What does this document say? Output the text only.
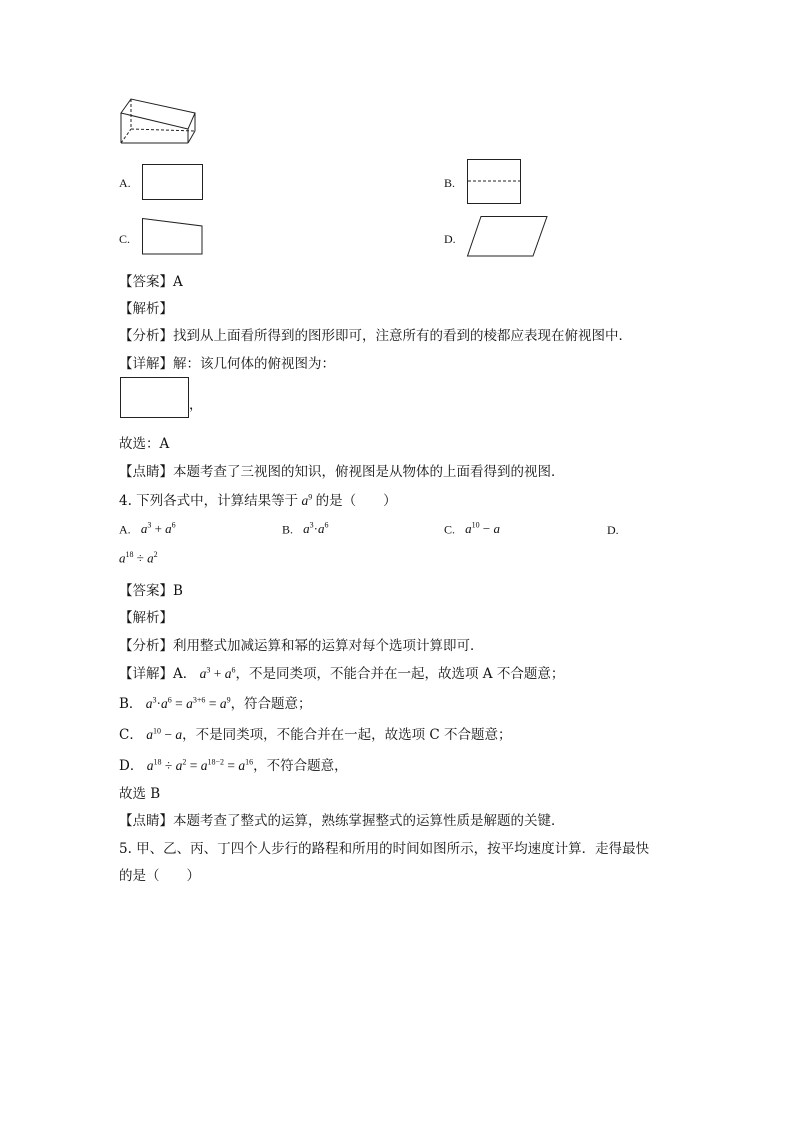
A.	B.
C.	D.
【答案】A
【解析】
【分析】找到从上面看所得到的图形即可，注意所有的看到的棱都应表现在俯视图中．
【详解】解：该几何体的俯视图为：
，
故选：A
【点睛】本题考查了三视图的知识，俯视图是从物体的上面看得到的视图．
4. 下列各式中，计算结果等于 $a^9$ 的是（　　）
A. $a^3 + a^6$	B. $a^3\cdot a^6$	C. $a^{10} - a$	D.
$a^{18} \div a^2$
【答案】B
【解析】
【分析】利用整式加减运算和幂的运算对每个选项计算即可．
【详解】A． $a^3 + a^6$，不是同类项，不能合并在一起，故选项 A 不合题意；
B． $a^3\cdot a^6 = a^{3+6} = a^9$，符合题意；
C． $a^{10} - a$，不是同类项，不能合并在一起，故选项 C 不合题意；
D． $a^{18} \div a^2 = a^{18-2} = a^{16}$，不符合题意，
故选 B
【点睛】本题考查了整式的运算，熟练掌握整式的运算性质是解题的关键．
5. 甲、乙、丙、丁四个人步行的路程和所用的时间如图所示，按平均速度计算．走得最快
的是（　　）
